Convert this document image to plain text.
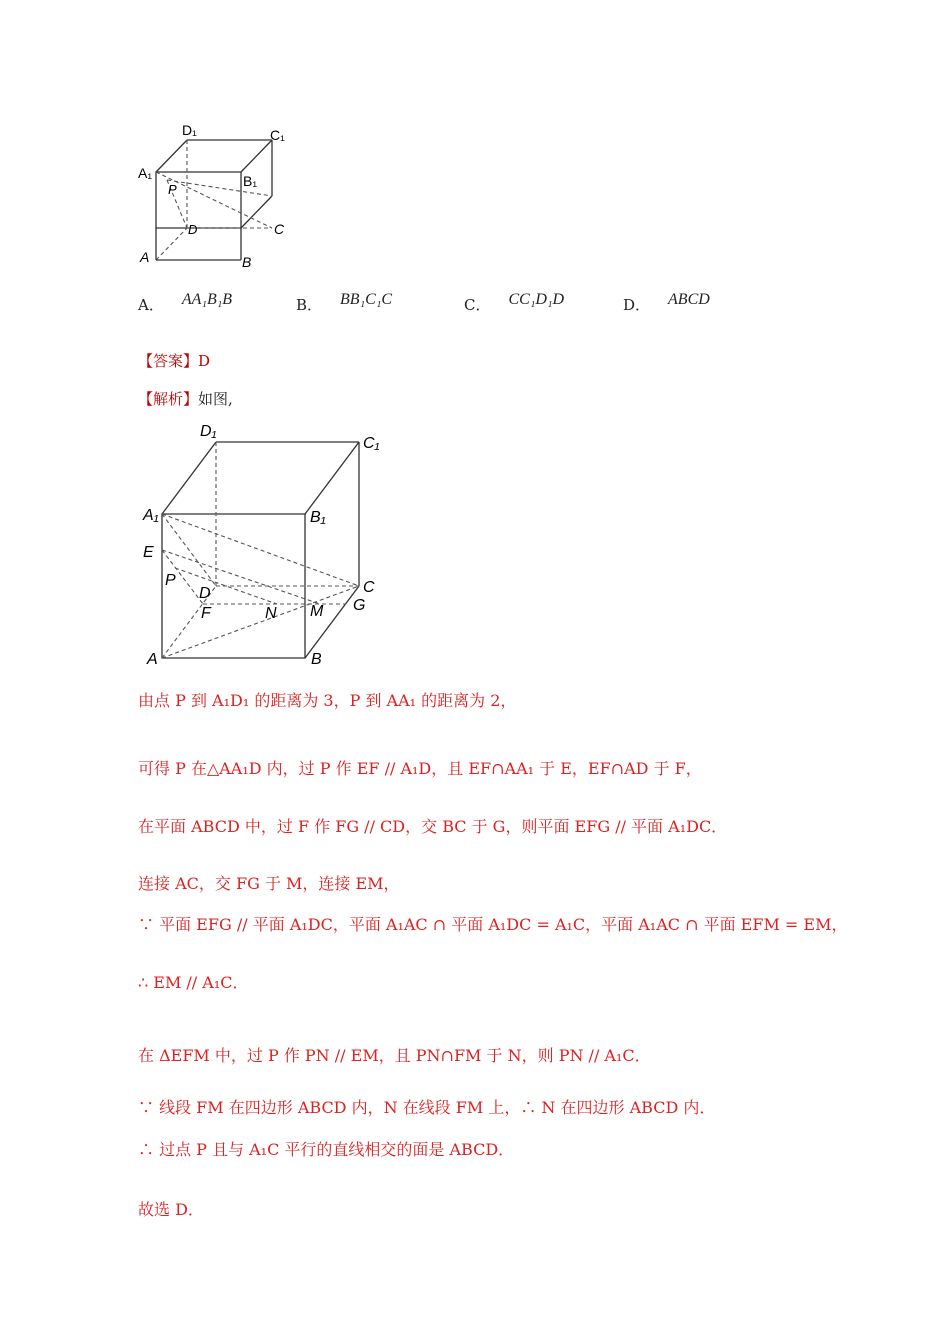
D₁	C₁
A₁	B₁
P
D	C
A	B
A． AA₁B₁B	B． BB₁C₁C	C． CC₁D₁D	D． ABCD
【答案】D
【解析】如图,
D₁
C₁
A₁	B₁
E
P
D	C
F	N M G
A	B
由点 P 到 A₁D₁ 的距离为 3，P 到 AA₁ 的距离为 2，
可得 P 在△AA₁D 内，过 P 作 EF // A₁D，且 EF∩AA₁ 于 E，EF∩AD 于 F，
在平面 ABCD 中，过 F 作 FG // CD，交 BC 于 G，则平面 EFG // 平面 A₁DC．
连接 AC，交 FG 于 M，连接 EM，
∵ 平面 EFG // 平面 A₁DC，平面 A₁AC ∩ 平面 A₁DC = A₁C，平面 A₁AC ∩ 平面 EFM = EM，
∴ EM // A₁C．
在 ΔEFM 中，过 P 作 PN // EM，且 PN∩FM 于 N，则 PN // A₁C．
∵ 线段 FM 在四边形 ABCD 内，N 在线段 FM 上，∴ N 在四边形 ABCD 内．
∴ 过点 P 且与 A₁C 平行的直线相交的面是 ABCD．
故选 D．
